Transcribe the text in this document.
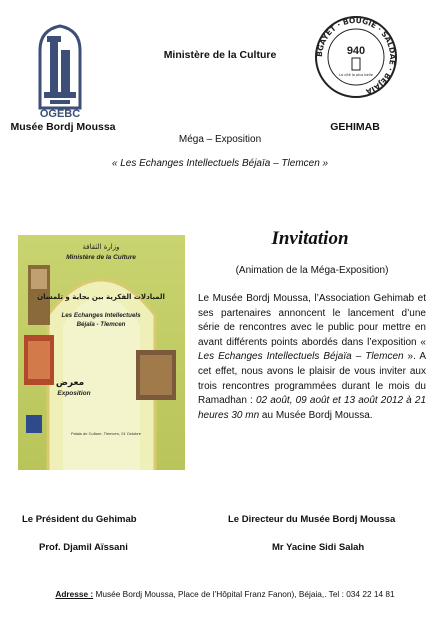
OGEBC
Musée Bordj Moussa
Ministère de la Culture	BGAYET · BOUGIE · SALDAE · BEJAIA
940
La cité la plus belle
GEHIMAB
Méga – Exposition
« Les Echanges Intellectuels Béjaïa – Tlemcen »
وزارة الثقافة
Ministère de la Culture
المبادلات الفكرية بين بجاية و تلمسان
Les Echanges Intellectuels
Béjaïa - Tlemcen
معرض
Exposition
Palais de Culture, Tlemcen, 01 Octobre
Invitation
(Animation de la Méga-Exposition)
Le Musée Bordj Moussa, l’Association Gehimab et ses partenaires annoncent le lancement d’une série de rencontres avec le public pour mettre en avant différents points abordés dans l’exposition « Les Echanges Intellectuels Béjaïa – Tlemcen ». A cet effet, nous avons le plaisir de vous inviter aux trois rencontres programmées durant le mois du Ramadhan : 02 août, 09 août et 13 août 2012 à 21 heures 30 mn au Musée Bordj Moussa.
Le Président du Gehimab
Prof. Djamil Aïssani
Le Directeur du Musée Bordj Moussa
Mr Yacine Sidi Salah
Adresse : Musée Bordj Moussa, Place de l’Hôpital Franz Fanon), Béjaia,. Tel : 034 22 14 81
